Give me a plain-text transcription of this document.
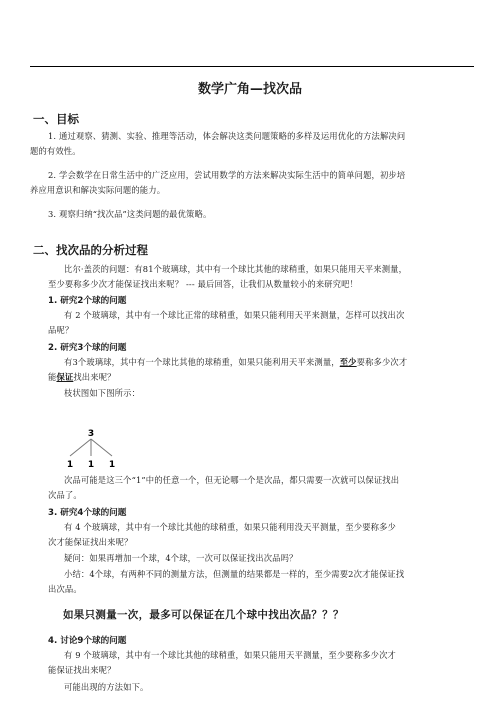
数学广角—找次品
一、目标
1. 通过观察、猜测、实验、推理等活动，体会解决这类问题策略的多样及运用优化的方法解决问
题的有效性。
2. 学会数学在日常生活中的广泛应用，尝试用数学的方法来解决实际生活中的简单问题，初步培
养应用意识和解决实际问题的能力。
3. 观察归纳“找次品”这类问题的最优策略。
二、找次品的分析过程
比尔·盖茨的问题：有81个玻璃球，其中有一个球比其他的球稍重，如果只能用天平来测量，
至少要称多少次才能保证找出来呢？ --- 最后回答，让我们从数量较小的来研究吧！
1. 研究2个球的问题
有 2 个玻璃球，其中有一个球比正常的球稍重，如果只能利用天平来测量，怎样可以找出次
品呢？
2. 研究3个球的问题
有3个玻璃球，其中有一个球比其他的球稍重，如果只能利用天平来测量，至少要称多少次才
能保证找出来呢？
枝状图如下图所示：
3
1 1 1
次品可能是这三个“1”中的任意一个，但无论哪一个是次品，都只需要一次就可以保证找出
次品了。
3. 研究4个球的问题
有 4 个玻璃球，其中有一个球比其他的球稍重，如果只能利用没天平测量，至少要称多少
次才能保证找出来呢？
疑问：如果再增加一个球，4个球，一次可以保证找出次品吗？
小结：4个球，有两种不同的测量方法，但测量的结果都是一样的，至少需要2次才能保证找
出次品。
如果只测量一次，最多可以保证在几个球中找出次品？？？
4. 讨论9个球的问题
有 9 个玻璃球，其中有一个球比其他的球稍重，如果只能用天平测量，至少要称多少次才
能保证找出来呢？
可能出现的方法如下。
